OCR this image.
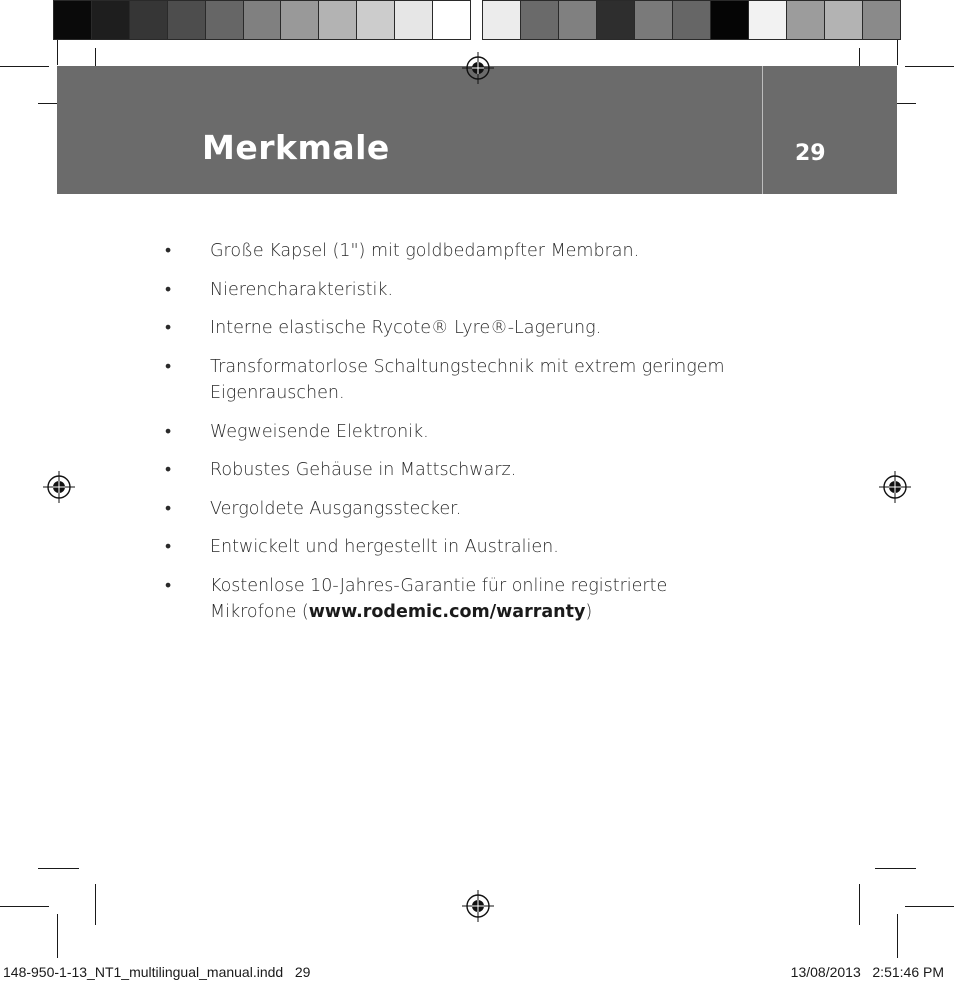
Merkmale	29
• Große Kapsel (1") mit goldbedampfter Membran.
• Nierencharakteristik.
• Interne elastische Rycote® Lyre®-Lagerung.
• Transformatorlose Schaltungstechnik mit extrem geringem
Eigenrauschen.
• Wegweisende Elektronik.
• Robustes Gehäuse in Mattschwarz.
• Vergoldete Ausgangsstecker.
• Entwickelt und hergestellt in Australien.
• Kostenlose 10-Jahres-Garantie für online registrierte
Mikrofone (www.rodemic.com/warranty)
148-950-1-13_NT1_multilingual_manual.indd   29	13/08/2013   2:51:46 PM
